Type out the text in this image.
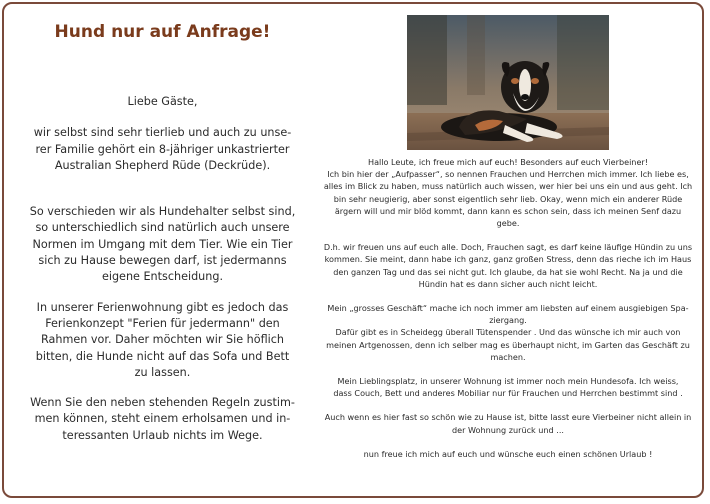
Hund nur auf Anfrage!

Liebe Gäste,

wir selbst sind sehr tierlieb und auch zu unse-
rer Familie gehört ein 8-jähriger unkastrierter
Australian Shepherd Rüde (Deckrüde).

So verschieden wir als Hundehalter selbst sind,
so unterschiedlich sind natürlich auch unsere
Normen im Umgang mit dem Tier. Wie ein Tier
sich zu Hause bewegen darf, ist jedermanns
eigene Entscheidung.

In unserer Ferienwohnung gibt es jedoch das
Ferienkonzept "Ferien für jedermann" den
Rahmen vor. Daher möchten wir Sie höflich
bitten, die Hunde nicht auf das Sofa und Bett
zu lassen.

Wenn Sie den neben stehenden Regeln zustim-
men können, steht einem erholsamen und in-
teressanten Urlaub nichts im Wege.

Hallo Leute, ich freue mich auf euch! Besonders auf euch Vierbeiner!
Ich bin hier der „Aufpasser“, so nennen Frauchen und Herrchen mich immer. Ich liebe es,
alles im Blick zu haben, muss natürlich auch wissen, wer hier bei uns ein und aus geht. Ich
bin sehr neugierig, aber sonst eigentlich sehr lieb. Okay, wenn mich ein anderer Rüde
ärgern will und mir blöd kommt, dann kann es schon sein, dass ich meinen Senf dazu
gebe.

D.h. wir freuen uns auf euch alle. Doch, Frauchen sagt, es darf keine läufige Hündin zu uns
kommen. Sie meint, dann habe ich ganz, ganz großen Stress, denn das rieche ich im Haus
den ganzen Tag und das sei nicht gut. Ich glaube, da hat sie wohl Recht. Na ja und die
Hündin hat es dann sicher auch nicht leicht.

Mein „grosses Geschäft“ mache ich noch immer am liebsten auf einem ausgiebigen Spa-
ziergang.
Dafür gibt es in Scheidegg überall Tütenspender . Und das wünsche ich mir auch von
meinen Artgenossen, denn ich selber mag es überhaupt nicht, im Garten das Geschäft zu
machen.

Mein Lieblingsplatz, in unserer Wohnung ist immer noch mein Hundesofa. Ich weiss,
dass Couch, Bett und anderes Mobiliar nur für Frauchen und Herrchen bestimmt sind .

Auch wenn es hier fast so schön wie zu Hause ist, bitte lasst eure Vierbeiner nicht allein in
der Wohnung zurück und ...

nun freue ich mich auf euch und wünsche euch einen schönen Urlaub !
